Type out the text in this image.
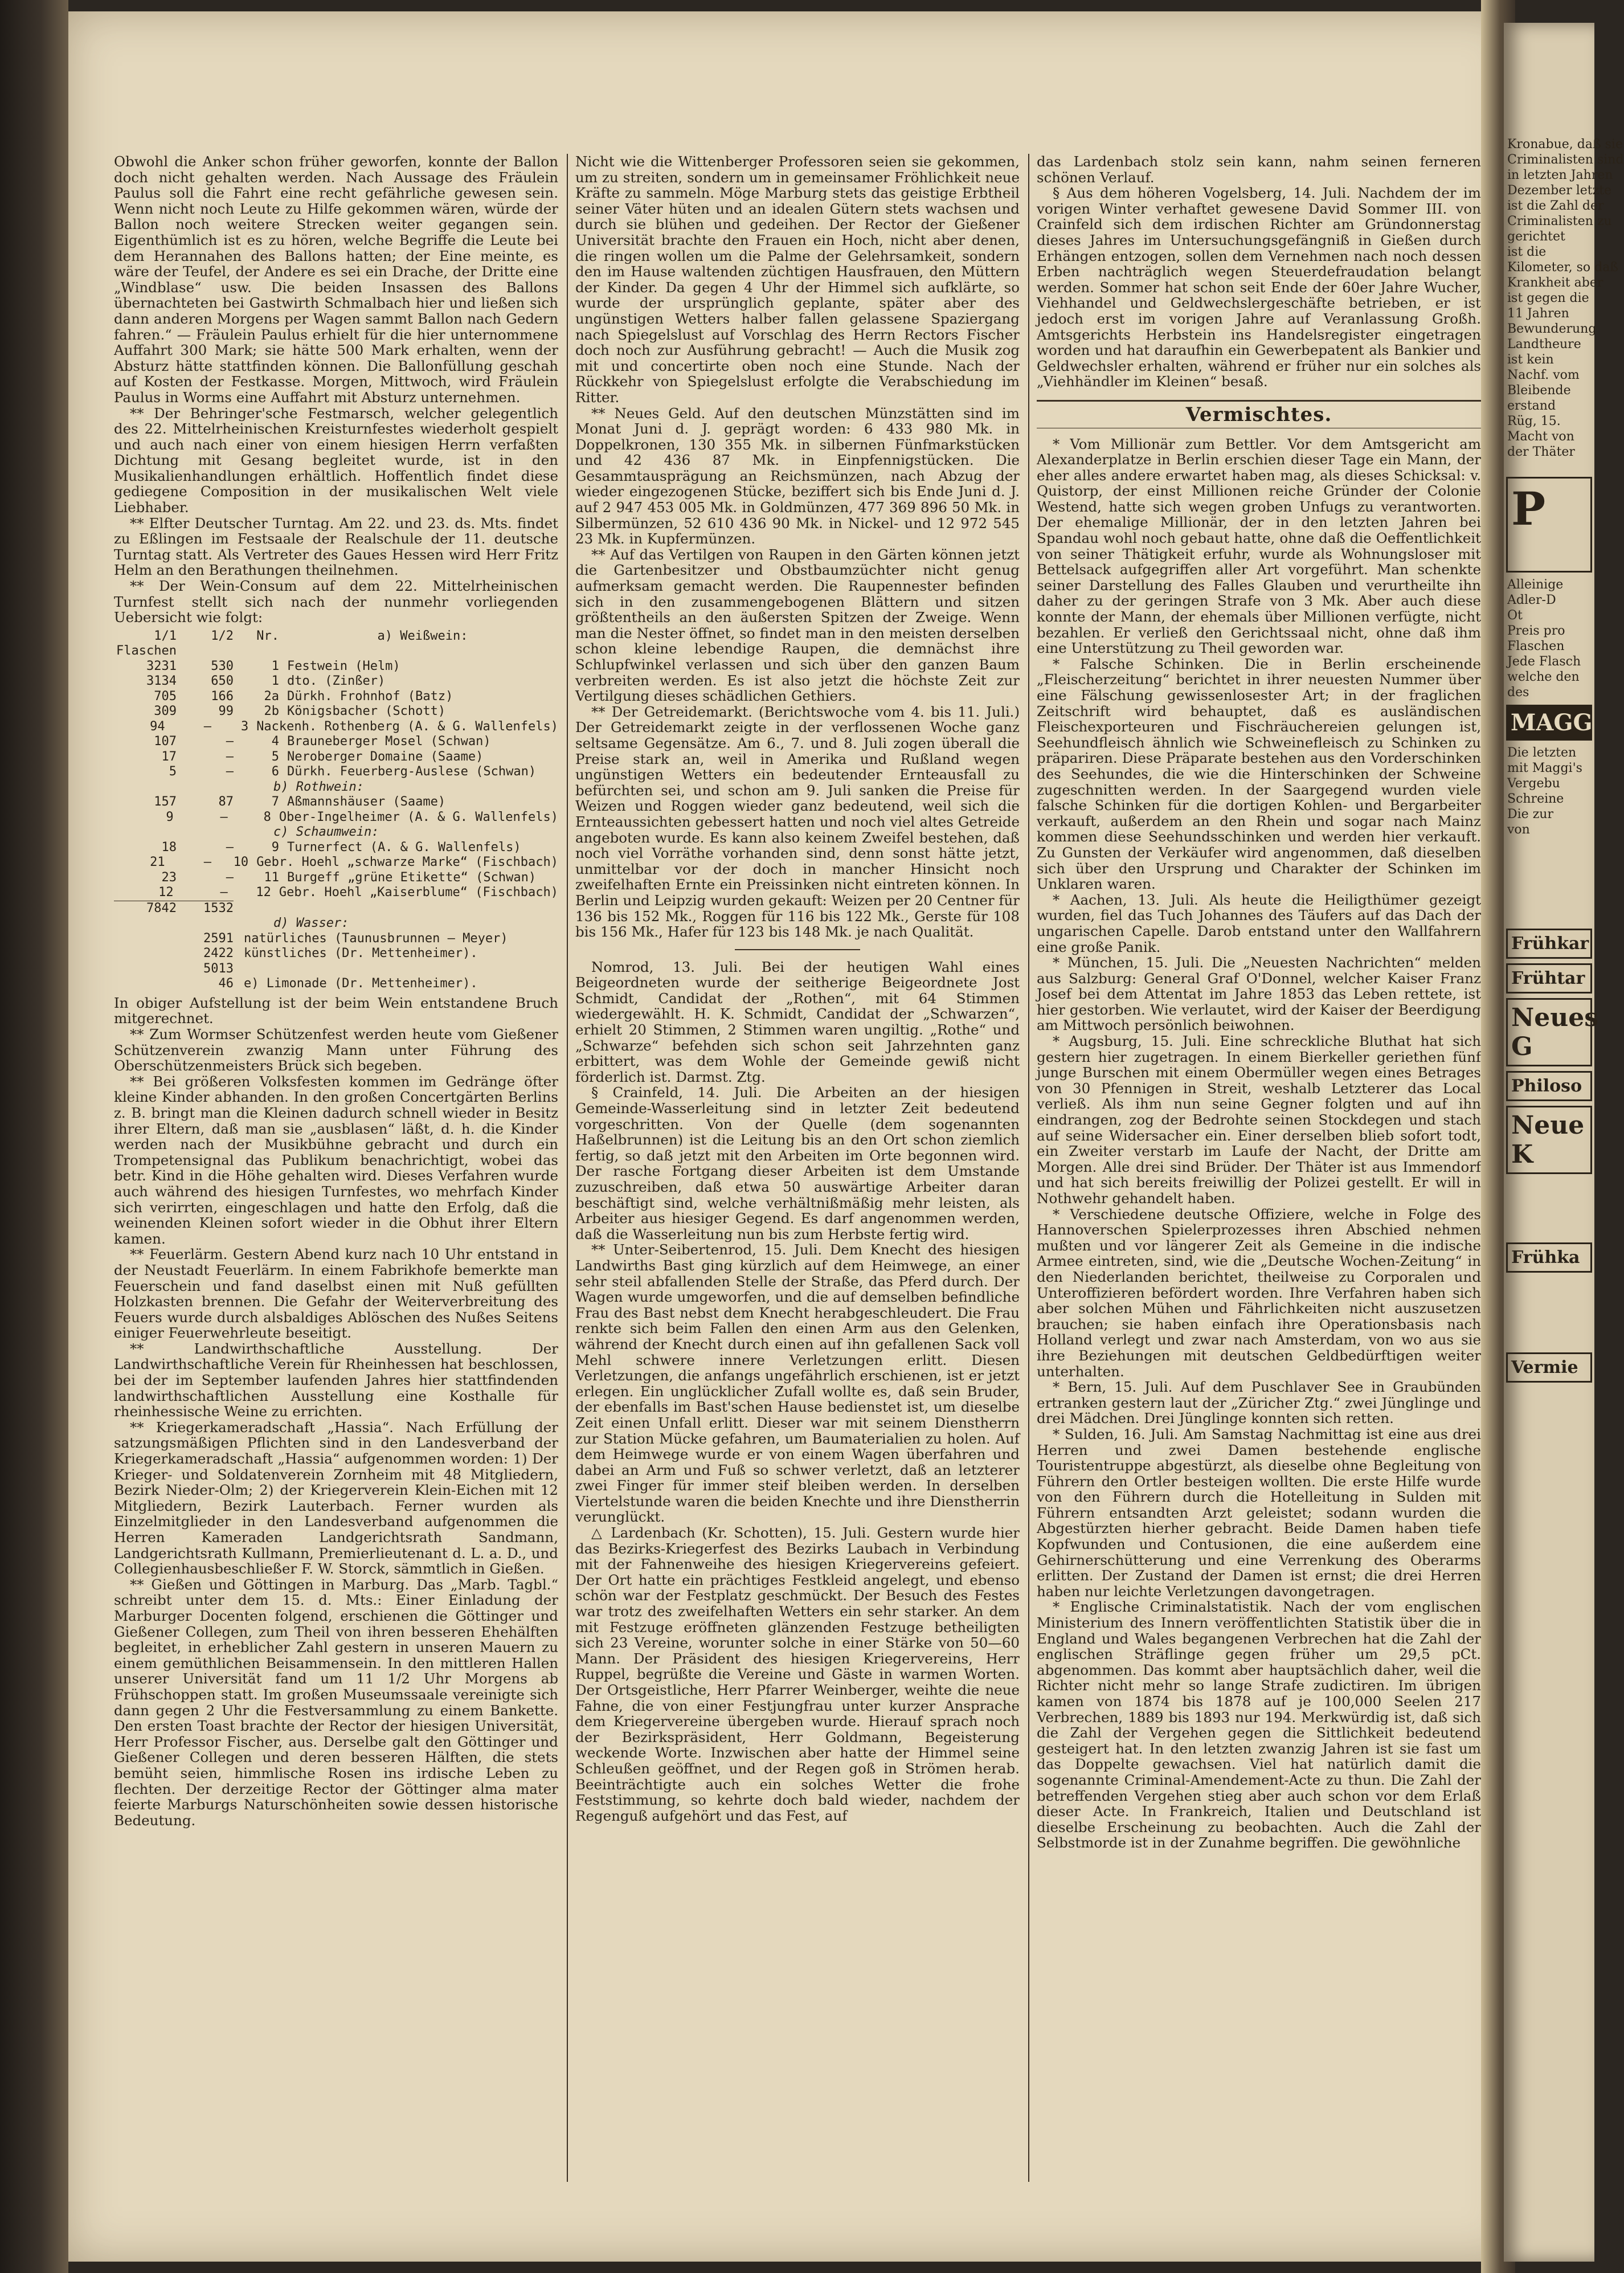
Obwohl die Anker schon früher geworfen, konnte der Ballon doch nicht gehalten werden. Nach Aussage des Fräulein Paulus soll die Fahrt eine recht gefährliche gewesen sein. Wenn nicht noch Leute zu Hilfe gekommen wären, würde der Ballon noch weitere Strecken weiter gegangen sein. Eigenthümlich ist es zu hören, welche Begriffe die Leute bei dem Herannahen des Ballons hatten; der Eine meinte, es wäre der Teufel, der Andere es sei ein Drache, der Dritte eine „Windblase“ usw. Die beiden Insassen des Ballons übernachteten bei Gastwirth Schmalbach hier und ließen sich dann anderen Morgens per Wagen sammt Ballon nach Gedern fahren.“ — Fräulein Paulus erhielt für die hier unternommene Auffahrt 300 Mark; sie hätte 500 Mark erhalten, wenn der Absturz hätte stattfinden können. Die Ballonfüllung geschah auf Kosten der Festkasse. Morgen, Mittwoch, wird Fräulein Paulus in Worms eine Auffahrt mit Absturz unternehmen.

** Der Behringer'sche Festmarsch, welcher gelegentlich des 22. Mittelrheinischen Kreisturnfestes wiederholt gespielt und auch nach einer von einem hiesigen Herrn verfaßten Dichtung mit Gesang begleitet wurde, ist in den Musikalienhandlungen erhältlich. Hoffentlich findet diese gediegene Composition in der musikalischen Welt viele Liebhaber.

** Elfter Deutscher Turntag. Am 22. und 23. ds. Mts. findet zu Eßlingen im Festsaale der Realschule der 11. deutsche Turntag statt. Als Vertreter des Gaues Hessen wird Herr Fritz Helm an den Berathungen theilnehmen.

** Der Wein-Consum auf dem 22. Mittelrheinischen Turnfest stellt sich nach der nunmehr vorliegenden Uebersicht wie folgt:

1/1 Flaschen
1/2	Nr.	a) Weißwein:
3231	530	1 Festwein (Helm)
3134	650	1 dto. (Zinßer)
705	166	2a Dürkh. Frohnhof (Batz)
309	99	2b Königsbacher (Schott)
94	—	3 Nackenh. Rothenberg (A. & G. Wallenfels)
107	—	4 Brauneberger Mosel (Schwan)
17	—	5 Neroberger Domaine (Saame)
5	—	6 Dürkh. Feuerberg-Auslese (Schwan)
b) Rothwein:
157	87	7 Aßmannshäuser (Saame)
9	—	8 Ober-Ingelheimer (A. & G. Wallenfels)
c) Schaumwein:
18	—	9 Turnerfect (A. & G. Wallenfels)
21	—	10 Gebr. Hoehl „schwarze Marke“ (Fischbach)
23	—	11 Burgeff „grüne Etikette“ (Schwan)
12	—	12 Gebr. Hoehl „Kaiserblume“ (Fischbach)
7842	1532
d) Wasser:
2591 natürliches (Taunusbrunnen — Meyer)
2422 künstliches (Dr. Mettenheimer).
5013
46 e) Limonade (Dr. Mettenheimer).

In obiger Aufstellung ist der beim Wein entstandene Bruch mitgerechnet.

** Zum Wormser Schützenfest werden heute vom Gießener Schützenverein zwanzig Mann unter Führung des Oberschützenmeisters Brück sich begeben.

** Bei größeren Volksfesten kommen im Gedränge öfter kleine Kinder abhanden. In den großen Concertgärten Berlins z. B. bringt man die Kleinen dadurch schnell wieder in Besitz ihrer Eltern, daß man sie „ausblasen“ läßt, d. h. die Kinder werden nach der Musikbühne gebracht und durch ein Trompetensignal das Publikum benachrichtigt, wobei das betr. Kind in die Höhe gehalten wird. Dieses Verfahren wurde auch während des hiesigen Turnfestes, wo mehrfach Kinder sich verirrten, eingeschlagen und hatte den Erfolg, daß die weinenden Kleinen sofort wieder in die Obhut ihrer Eltern kamen.

** Feuerlärm. Gestern Abend kurz nach 10 Uhr entstand in der Neustadt Feuerlärm. In einem Fabrikhofe bemerkte man Feuerschein und fand daselbst einen mit Nuß gefüllten Holzkasten brennen. Die Gefahr der Weiterverbreitung des Feuers wurde durch alsbaldiges Ablöschen des Nußes Seitens einiger Feuerwehrleute beseitigt.

** Landwirthschaftliche Ausstellung. Der Landwirthschaftliche Verein für Rheinhessen hat beschlossen, bei der im September laufenden Jahres hier stattfindenden landwirthschaftlichen Ausstellung eine Kosthalle für rheinhessische Weine zu errichten.

** Kriegerkameradschaft „Hassia“. Nach Erfüllung der satzungsmäßigen Pflichten sind in den Landesverband der Kriegerkameradschaft „Hassia“ aufgenommen worden: 1) Der Krieger- und Soldatenverein Zornheim mit 48 Mitgliedern, Bezirk Nieder-Olm; 2) der Kriegerverein Klein-Eichen mit 12 Mitgliedern, Bezirk Lauterbach. Ferner wurden als Einzelmitglieder in den Landesverband aufgenommen die Herren Kameraden Landgerichtsrath Sandmann, Landgerichtsrath Kullmann, Premierlieutenant d. L. a. D., und Collegienhausbeschließer F. W. Storck, sämmtlich in Gießen.

** Gießen und Göttingen in Marburg. Das „Marb. Tagbl.“ schreibt unter dem 15. d. Mts.: Einer Einladung der Marburger Docenten folgend, erschienen die Göttinger und Gießener Collegen, zum Theil von ihren besseren Ehehälften begleitet, in erheblicher Zahl gestern in unseren Mauern zu einem gemüthlichen Beisammensein. In den mittleren Hallen unserer Universität fand um 11 1/2 Uhr Morgens ab Frühschoppen statt. Im großen Museumssaale vereinigte sich dann gegen 2 Uhr die Festversammlung zu einem Bankette. Den ersten Toast brachte der Rector der hiesigen Universität, Herr Professor Fischer, aus. Derselbe galt den Göttinger und Gießener Collegen und deren besseren Hälften, die stets bemüht seien, himmlische Rosen ins irdische Leben zu flechten. Der derzeitige Rector der Göttinger alma mater feierte Marburgs Naturschönheiten sowie dessen historische Bedeutung.

Nicht wie die Wittenberger Professoren seien sie gekommen, um zu streiten, sondern um in gemeinsamer Fröhlichkeit neue Kräfte zu sammeln. Möge Marburg stets das geistige Erbtheil seiner Väter hüten und an idealen Gütern stets wachsen und durch sie blühen und gedeihen. Der Rector der Gießener Universität brachte den Frauen ein Hoch, nicht aber denen, die ringen wollen um die Palme der Gelehrsamkeit, sondern den im Hause waltenden züchtigen Hausfrauen, den Müttern der Kinder. Da gegen 4 Uhr der Himmel sich aufklärte, so wurde der ursprünglich geplante, später aber des ungünstigen Wetters halber fallen gelassene Spaziergang nach Spiegelslust auf Vorschlag des Herrn Rectors Fischer doch noch zur Ausführung gebracht! — Auch die Musik zog mit und concertirte oben noch eine Stunde. Nach der Rückkehr von Spiegelslust erfolgte die Verabschiedung im Ritter.

** Neues Geld. Auf den deutschen Münzstätten sind im Monat Juni d. J. geprägt worden: 6 433 980 Mk. in Doppelkronen, 130 355 Mk. in silbernen Fünfmarkstücken und 42 436 87 Mk. in Einpfennigstücken. Die Gesammtausprägung an Reichsmünzen, nach Abzug der wieder eingezogenen Stücke, beziffert sich bis Ende Juni d. J. auf 2 947 453 005 Mk. in Goldmünzen, 477 369 896 50 Mk. in Silbermünzen, 52 610 436 90 Mk. in Nickel- und 12 972 545 23 Mk. in Kupfermünzen.

** Auf das Vertilgen von Raupen in den Gärten können jetzt die Gartenbesitzer und Obstbaumzüchter nicht genug aufmerksam gemacht werden. Die Raupennester befinden sich in den zusammengebogenen Blättern und sitzen größtentheils an den äußersten Spitzen der Zweige. Wenn man die Nester öffnet, so findet man in den meisten derselben schon kleine lebendige Raupen, die demnächst ihre Schlupfwinkel verlassen und sich über den ganzen Baum verbreiten werden. Es ist also jetzt die höchste Zeit zur Vertilgung dieses schädlichen Gethiers.

** Der Getreidemarkt. (Berichtswoche vom 4. bis 11. Juli.) Der Getreidemarkt zeigte in der verflossenen Woche ganz seltsame Gegensätze. Am 6., 7. und 8. Juli zogen überall die Preise stark an, weil in Amerika und Rußland wegen ungünstigen Wetters ein bedeutender Ernteausfall zu befürchten sei, und schon am 9. Juli sanken die Preise für Weizen und Roggen wieder ganz bedeutend, weil sich die Ernteaussichten gebessert hatten und noch viel altes Getreide angeboten wurde. Es kann also keinem Zweifel bestehen, daß noch viel Vorräthe vorhanden sind, denn sonst hätte jetzt, unmittelbar vor der doch in mancher Hinsicht noch zweifelhaften Ernte ein Preissinken nicht eintreten können. In Berlin und Leipzig wurden gekauft: Weizen per 20 Centner für 136 bis 152 Mk., Roggen für 116 bis 122 Mk., Gerste für 108 bis 156 Mk., Hafer für 123 bis 148 Mk. je nach Qualität.

Nomrod, 13. Juli. Bei der heutigen Wahl eines Beigeordneten wurde der seitherige Beigeordnete Jost Schmidt, Candidat der „Rothen“, mit 64 Stimmen wiedergewählt. H. K. Schmidt, Candidat der „Schwarzen“, erhielt 20 Stimmen, 2 Stimmen waren ungiltig. „Rothe“ und „Schwarze“ befehden sich schon seit Jahrzehnten ganz erbittert, was dem Wohle der Gemeinde gewiß nicht förderlich ist. Darmst. Ztg.

§ Crainfeld, 14. Juli. Die Arbeiten an der hiesigen Gemeinde-Wasserleitung sind in letzter Zeit bedeutend vorgeschritten. Von der Quelle (dem sogenannten Haßelbrunnen) ist die Leitung bis an den Ort schon ziemlich fertig, so daß jetzt mit den Arbeiten im Orte begonnen wird. Der rasche Fortgang dieser Arbeiten ist dem Umstande zuzuschreiben, daß etwa 50 auswärtige Arbeiter daran beschäftigt sind, welche verhältnißmäßig mehr leisten, als Arbeiter aus hiesiger Gegend. Es darf angenommen werden, daß die Wasserleitung nun bis zum Herbste fertig wird.

** Unter-Seibertenrod, 15. Juli. Dem Knecht des hiesigen Landwirths Bast ging kürzlich auf dem Heimwege, an einer sehr steil abfallenden Stelle der Straße, das Pferd durch. Der Wagen wurde umgeworfen, und die auf demselben befindliche Frau des Bast nebst dem Knecht herabgeschleudert. Die Frau renkte sich beim Fallen den einen Arm aus den Gelenken, während der Knecht durch einen auf ihn gefallenen Sack voll Mehl schwere innere Verletzungen erlitt. Diesen Verletzungen, die anfangs ungefährlich erschienen, ist er jetzt erlegen. Ein unglücklicher Zufall wollte es, daß sein Bruder, der ebenfalls im Bast'schen Hause bedienstet ist, um dieselbe Zeit einen Unfall erlitt. Dieser war mit seinem Dienstherrn zur Station Mücke gefahren, um Baumaterialien zu holen. Auf dem Heimwege wurde er von einem Wagen überfahren und dabei an Arm und Fuß so schwer verletzt, daß an letzterer zwei Finger für immer steif bleiben werden. In derselben Viertelstunde waren die beiden Knechte und ihre Dienstherrin verunglückt.

△ Lardenbach (Kr. Schotten), 15. Juli. Gestern wurde hier das Bezirks-Kriegerfest des Bezirks Laubach in Verbindung mit der Fahnenweihe des hiesigen Kriegervereins gefeiert. Der Ort hatte ein prächtiges Festkleid angelegt, und ebenso schön war der Festplatz geschmückt. Der Besuch des Festes war trotz des zweifelhaften Wetters ein sehr starker. An dem mit Festzuge eröffneten glänzenden Festzuge betheiligten sich 23 Vereine, worunter solche in einer Stärke von 50—60 Mann. Der Präsident des hiesigen Kriegervereins, Herr Ruppel, begrüßte die Vereine und Gäste in warmen Worten. Der Ortsgeistliche, Herr Pfarrer Weinberger, weihte die neue Fahne, die von einer Festjungfrau unter kurzer Ansprache dem Kriegervereine übergeben wurde. Hierauf sprach noch der Bezirkspräsident, Herr Goldmann, Begeisterung weckende Worte. Inzwischen aber hatte der Himmel seine Schleußen geöffnet, und der Regen goß in Strömen herab. Beeinträchtigte auch ein solches Wetter die frohe Feststimmung, so kehrte doch bald wieder, nachdem der Regenguß aufgehört und das Fest, auf

das Lardenbach stolz sein kann, nahm seinen ferneren schönen Verlauf.

§ Aus dem höheren Vogelsberg, 14. Juli. Nachdem der im vorigen Winter verhaftet gewesene David Sommer III. von Crainfeld sich dem irdischen Richter am Gründonnerstag dieses Jahres im Untersuchungsgefängniß in Gießen durch Erhängen entzogen, sollen dem Vernehmen nach noch dessen Erben nachträglich wegen Steuerdefraudation belangt werden. Sommer hat schon seit Ende der 60er Jahre Wucher, Viehhandel und Geldwechslergeschäfte betrieben, er ist jedoch erst im vorigen Jahre auf Veranlassung Großh. Amtsgerichts Herbstein ins Handelsregister eingetragen worden und hat daraufhin ein Gewerbepatent als Bankier und Geldwechsler erhalten, während er früher nur ein solches als „Viehhändler im Kleinen“ besaß.

Vermischtes.

* Vom Millionär zum Bettler. Vor dem Amtsgericht am Alexanderplatze in Berlin erschien dieser Tage ein Mann, der eher alles andere erwartet haben mag, als dieses Schicksal: v. Quistorp, der einst Millionen reiche Gründer der Colonie Westend, hatte sich wegen groben Unfugs zu verantworten. Der ehemalige Millionär, der in den letzten Jahren bei Spandau wohl noch gebaut hatte, ohne daß die Oeffentlichkeit von seiner Thätigkeit erfuhr, wurde als Wohnungsloser mit Bettelsack aufgegriffen aller Art vorgeführt. Man schenkte seiner Darstellung des Falles Glauben und verurtheilte ihn daher zu der geringen Strafe von 3 Mk. Aber auch diese konnte der Mann, der ehemals über Millionen verfügte, nicht bezahlen. Er verließ den Gerichtssaal nicht, ohne daß ihm eine Unterstützung zu Theil geworden war.

* Falsche Schinken. Die in Berlin erscheinende „Fleischerzeitung“ berichtet in ihrer neuesten Nummer über eine Fälschung gewissenlosester Art; in der fraglichen Zeitschrift wird behauptet, daß es ausländischen Fleischexporteuren und Fischräuchereien gelungen ist, Seehundfleisch ähnlich wie Schweinefleisch zu Schinken zu präpariren. Diese Präparate bestehen aus den Vorderschinken des Seehundes, die wie die Hinterschinken der Schweine zugeschnitten werden. In der Saargegend wurden viele falsche Schinken für die dortigen Kohlen- und Bergarbeiter verkauft, außerdem an den Rhein und sogar nach Mainz kommen diese Seehundsschinken und werden hier verkauft. Zu Gunsten der Verkäufer wird angenommen, daß dieselben sich über den Ursprung und Charakter der Schinken im Unklaren waren.

* Aachen, 13. Juli. Als heute die Heiligthümer gezeigt wurden, fiel das Tuch Johannes des Täufers auf das Dach der ungarischen Capelle. Darob entstand unter den Wallfahrern eine große Panik.

* München, 15. Juli. Die „Neuesten Nachrichten“ melden aus Salzburg: General Graf O'Donnel, welcher Kaiser Franz Josef bei dem Attentat im Jahre 1853 das Leben rettete, ist hier gestorben. Wie verlautet, wird der Kaiser der Beerdigung am Mittwoch persönlich beiwohnen.

* Augsburg, 15. Juli. Eine schreckliche Bluthat hat sich gestern hier zugetragen. In einem Bierkeller geriethen fünf junge Burschen mit einem Obermüller wegen eines Betrages von 30 Pfennigen in Streit, weshalb Letzterer das Local verließ. Als ihm nun seine Gegner folgten und auf ihn eindrangen, zog der Bedrohte seinen Stockdegen und stach auf seine Widersacher ein. Einer derselben blieb sofort todt, ein Zweiter verstarb im Laufe der Nacht, der Dritte am Morgen. Alle drei sind Brüder. Der Thäter ist aus Immendorf und hat sich bereits freiwillig der Polizei gestellt. Er will in Nothwehr gehandelt haben.

* Verschiedene deutsche Offiziere, welche in Folge des Hannoverschen Spielerprozesses ihren Abschied nehmen mußten und vor längerer Zeit als Gemeine in die indische Armee eintreten, sind, wie die „Deutsche Wochen-Zeitung“ in den Niederlanden berichtet, theilweise zu Corporalen und Unteroffizieren befördert worden. Ihre Verfahren haben sich aber solchen Mühen und Fährlichkeiten nicht auszusetzen brauchen; sie haben einfach ihre Operationsbasis nach Holland verlegt und zwar nach Amsterdam, von wo aus sie ihre Beziehungen mit deutschen Geldbedürftigen weiter unterhalten.

* Bern, 15. Juli. Auf dem Puschlaver See in Graubünden ertranken gestern laut der „Züricher Ztg.“ zwei Jünglinge und drei Mädchen. Drei Jünglinge konnten sich retten.

* Sulden, 16. Juli. Am Samstag Nachmittag ist eine aus drei Herren und zwei Damen bestehende englische Touristentruppe abgestürzt, als dieselbe ohne Begleitung von Führern den Ortler besteigen wollten. Die erste Hilfe wurde von den Führern durch die Hotelleitung in Sulden mit Führern entsandten Arzt geleistet; sodann wurden die Abgestürzten hierher gebracht. Beide Damen haben tiefe Kopfwunden und Contusionen, die eine außerdem eine Gehirnerschütterung und eine Verrenkung des Oberarms erlitten. Der Zustand der Damen ist ernst; die drei Herren haben nur leichte Verletzungen davongetragen.

* Englische Criminalstatistik. Nach der vom englischen Ministerium des Innern veröffentlichten Statistik über die in England und Wales begangenen Verbrechen hat die Zahl der englischen Sträflinge gegen früher um 29,5 pCt. abgenommen. Das kommt aber hauptsächlich daher, weil die Richter nicht mehr so lange Strafe zudictiren. Im übrigen kamen von 1874 bis 1878 auf je 100,000 Seelen 217 Verbrechen, 1889 bis 1893 nur 194. Merkwürdig ist, daß sich die Zahl der Vergehen gegen die Sittlichkeit bedeutend gesteigert hat. In den letzten zwanzig Jahren ist sie fast um das Doppelte gewachsen. Viel hat natürlich damit die sogenannte Criminal-Amendement-Acte zu thun. Die Zahl der betreffenden Vergehen stieg aber auch schon vor dem Erlaß dieser Acte. In Frankreich, Italien und Deutschland ist dieselbe Erscheinung zu beobachten. Auch die Zahl der Selbstmorde ist in der Zunahme begriffen. Die gewöhnliche

Kronabue, daß sie
Criminalisten sind
in letzten Jahren
Dezember letzte
ist die Zahl der
Criminalisten zu
gerichtet
ist die
Kilometer, so daß
Krankheit aber
ist gegen die
11 Jahren
Bewunderung
Landtheure
ist kein
Nachf. vom
Bleibende
erstand
Rüg, 15.
Macht von
der Thäter
P
Alleinige
Adler-D
Ot
Preis pro
Flaschen
Jede Flasch
welche den
des
MAGG
Die letzten
mit Maggi's
Vergebu
Schreine
Die zur
von
Frühkar
Frühtar
Neues G
Philoso
Neue K
Frühka
Vermie
